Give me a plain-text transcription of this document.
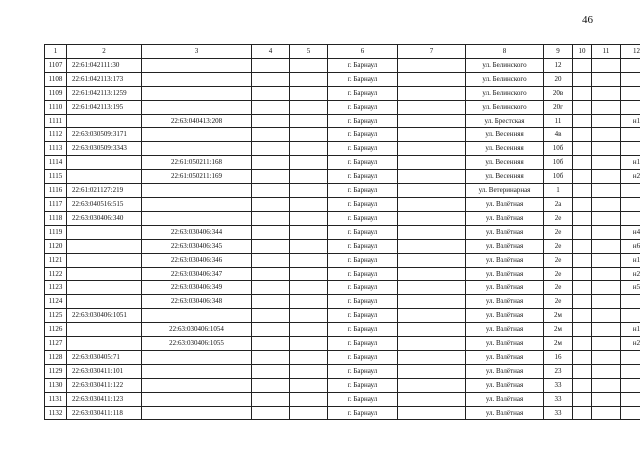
46
1	2	3	4	5	6	7	8	9	10	11	12
1107	22:61:042111:30				г. Барнаул		ул. Белинского	12			
1108	22:61:042113:173				г. Барнаул		ул. Белинского	20			
1109	22:61:042113:1259				г. Барнаул		ул. Белинского	20в			
1110	22:61:042113:195				г. Барнаул		ул. Белинского	20г			
1111		22:63:040413:208			г. Барнаул		ул. Брестская	11			н1
1112	22:63:030509:3171				г. Барнаул		ул. Весенняя	4в			
1113	22:63:030509:3343				г. Барнаул		ул. Весенняя	10б			
1114		22:61:050211:168			г. Барнаул		ул. Весенняя	10б			н1
1115		22:61:050211:169			г. Барнаул		ул. Весенняя	10б			н2
1116	22:61:021127:219				г. Барнаул		ул. Ветеринарная	1			
1117	22:63:040516:515				г. Барнаул		ул. Взлётная	2а			
1118	22:63:030406:340				г. Барнаул		ул. Взлётная	2е			
1119		22:63:030406:344			г. Барнаул		ул. Взлётная	2е			н4
1120		22:63:030406:345			г. Барнаул		ул. Взлётная	2е			н6
1121		22:63:030406:346			г. Барнаул		ул. Взлётная	2е			н1
1122		22:63:030406:347			г. Барнаул		ул. Взлётная	2е			н2
1123		22:63:030406:349			г. Барнаул		ул. Взлётная	2е			н5
1124		22:63:030406:348			г. Барнаул		ул. Взлётная	2е			
1125	22:63:030406:1051				г. Барнаул		ул. Взлётная	2м			
1126		22:63:030406:1054			г. Барнаул		ул. Взлётная	2м			н1
1127		22:63:030406:1055			г. Барнаул		ул. Взлётная	2м			н2
1128	22:63:030405:71				г. Барнаул		ул. Взлётная	16			
1129	22:63:030411:101				г. Барнаул		ул. Взлётная	23			
1130	22:63:030411:122				г. Барнаул		ул. Взлётная	33			
1131	22:63:030411:123				г. Барнаул		ул. Взлётная	33			
1132	22:63:030411:118				г. Барнаул		ул. Взлётная	33			
